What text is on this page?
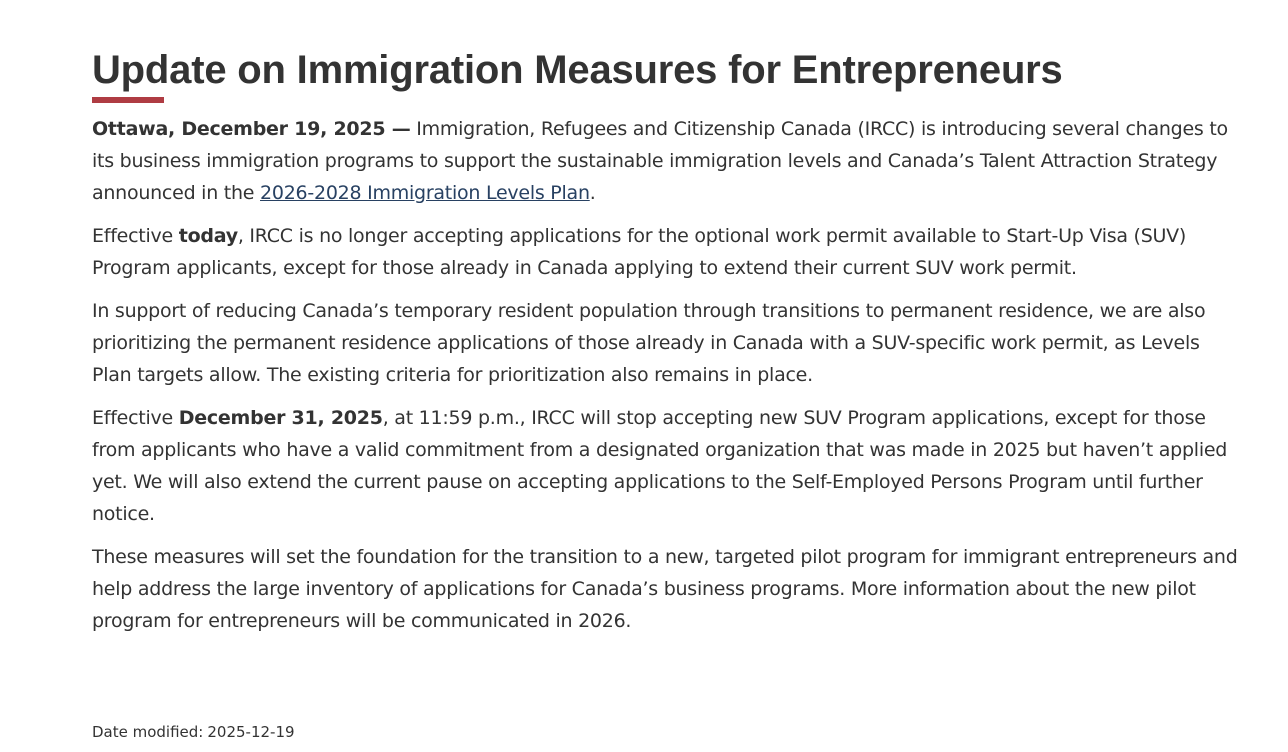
Update on Immigration Measures for Entrepreneurs

Ottawa, December 19, 2025 — Immigration, Refugees and Citizenship Canada (IRCC) is introducing several changes to its business immigration programs to support the sustainable immigration levels and Canada’s Talent Attraction Strategy announced in the 2026-2028 Immigration Levels Plan.

Effective today, IRCC is no longer accepting applications for the optional work permit available to Start-Up Visa (SUV) Program applicants, except for those already in Canada applying to extend their current SUV work permit.

In support of reducing Canada’s temporary resident population through transitions to permanent residence, we are also prioritizing the permanent residence applications of those already in Canada with a SUV-specific work permit, as Levels Plan targets allow. The existing criteria for prioritization also remains in place.

Effective December 31, 2025, at 11:59 p.m., IRCC will stop accepting new SUV Program applications, except for those from applicants who have a valid commitment from a designated organization that was made in 2025 but haven’t applied yet. We will also extend the current pause on accepting applications to the Self-Employed Persons Program until further notice.

These measures will set the foundation for the transition to a new, targeted pilot program for immigrant entrepreneurs and help address the large inventory of applications for Canada’s business programs. More information about the new pilot program for entrepreneurs will be communicated in 2026.

Date modified: 2025-12-19
